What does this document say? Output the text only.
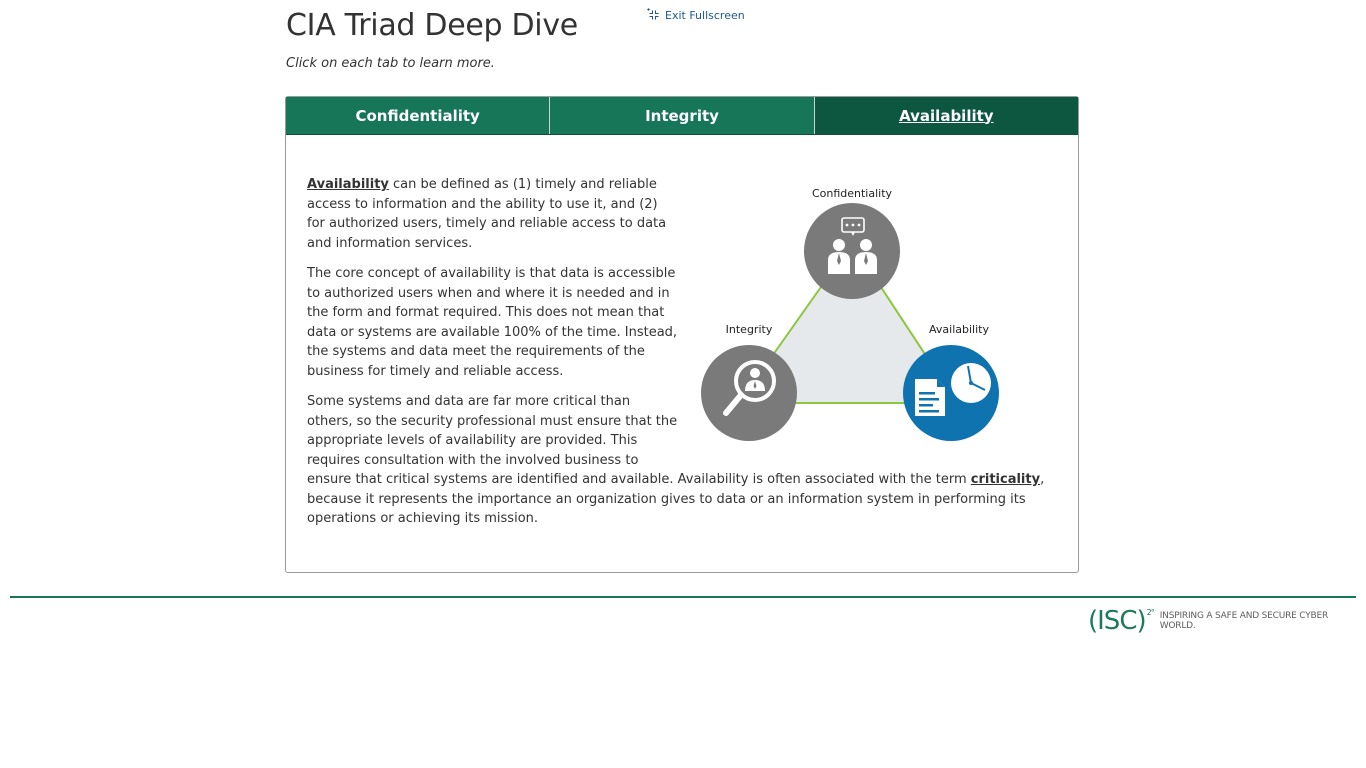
CIA Triad Deep Dive	Exit Fullscreen
Click on each tab to learn more.
Confidentiality	Integrity	Availability
Confidentiality
Integrity	Availability

Availability can be defined as (1) timely and reliable access to information and the ability to use it, and (2) for authorized users, timely and reliable access to data and information services.

The core concept of availability is that data is accessible to authorized users when and where it is needed and in the form and format required. This does not mean that data or systems are available 100% of the time. Instead, the systems and data meet the requirements of the business for timely and reliable access.

Some systems and data are far more critical than others, so the security professional must ensure that the appropriate levels of availability are provided. This requires consultation with the involved business to ensure that critical systems are identified and available. Availability is often associated with the term criticality, because it represents the importance an organization gives to data or an information system in performing its operations or achieving its mission.

(ISC)$^{2^\circ}$ INSPIRING A SAFE AND SECURE CYBER WORLD.
